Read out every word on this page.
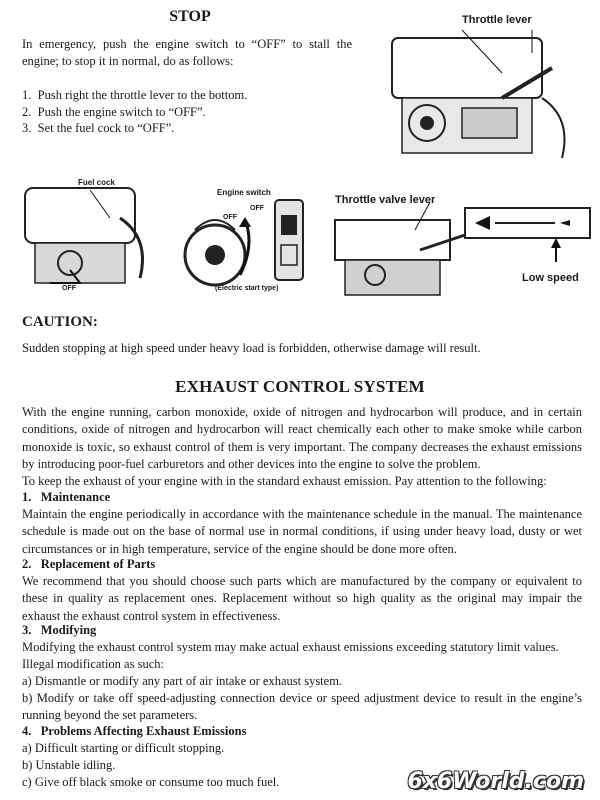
STOP
In emergency, push the engine switch to “OFF” to stall the engine; to stop it in normal, do as follows:
1.  Push right the throttle lever to the bottom.
2.  Push the engine switch to “OFF”.
3.  Set the fuel cock to “OFF”.
Throttle lever
Fuel cock
OFF
Engine switch
OFF
OFF
(Electric start type)
Throttle valve lever
Low speed
CAUTION:
Sudden stopping at high speed under heavy load is forbidden, otherwise damage will result.
EXHAUST CONTROL SYSTEM
With the engine running, carbon monoxide, oxide of nitrogen and hydrocarbon will produce, and in certain conditions, oxide of nitrogen and hydrocarbon will react chemically each other to make smoke while carbon monoxide is toxic, so exhaust control of them is very important. The company decreases the exhaust emissions by introducing poor-fuel carburetors and other devices into the engine to solve the problem.
To keep the exhaust of your engine with in the standard exhaust emission. Pay attention to the following:
1.   Maintenance
Maintain the engine periodically in accordance with the maintenance schedule in the manual. The maintenance schedule is made out on the base of normal use in normal conditions, if using under heavy load, dusty or wet circumstances or in high temperature, service of the engine should be done more often.
2.   Replacement of Parts
We recommend that you should choose such parts which are manufactured by the company or equivalent to these in quality as replacement ones. Replacement without so high quality as the original may impair the exhaust the exhaust control system in effectiveness.
3.   Modifying
Modifying the exhaust control system may make actual exhaust emissions exceeding statutory limit values.
Illegal modification as such:
a) Dismantle or modify any part of air intake or exhaust system.
b) Modify or take off speed-adjusting connection device or speed adjustment device to result in the engine’s running beyond the set parameters.
4.   Problems Affecting Exhaust Emissions
a) Difficult starting or difficult stopping.
b) Unstable idling.
c) Give off black smoke or consume too much fuel.	6x6World.com
